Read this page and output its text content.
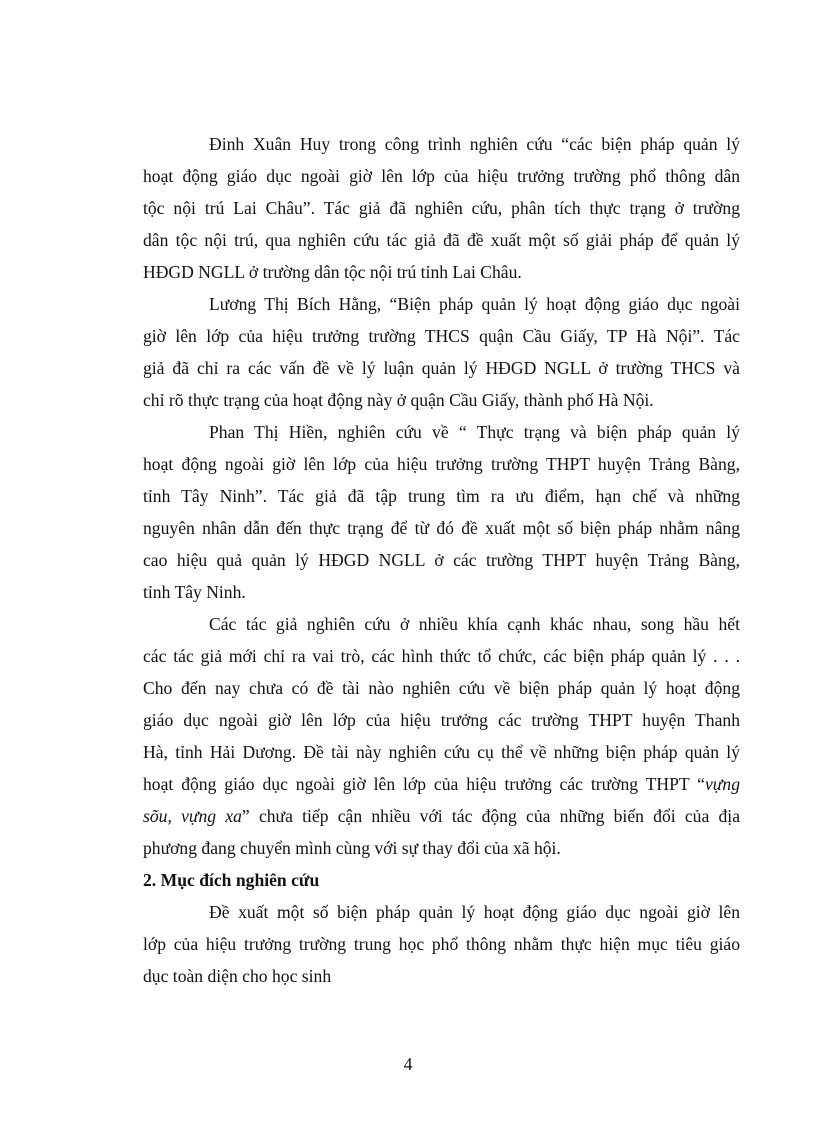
Đinh Xuân Huy trong công trình nghiên cứu “các biện pháp quản lý
hoạt động giáo dục ngoài giờ lên lớp của hiệu trưởng trường phổ thông dân
tộc nội trú Lai Châu”. Tác giả đã nghiên cứu, phân tích thực trạng ở trường
dân tộc nội trú, qua nghiên cứu tác giả đã đề xuất một số giải pháp để quản lý
HĐGD NGLL ở trường dân tộc nội trú tỉnh Lai Châu.
Lương Thị Bích Hằng, “Biện pháp quản lý hoạt động giáo dục ngoài
giờ lên lớp của hiệu trưởng trường THCS quận Cầu Giấy, TP Hà Nội”. Tác
giả đã chỉ ra các vấn đề về lý luận quản lý HĐGD NGLL ở trường THCS và
chỉ rõ thực trạng của hoạt động này ở quận Cầu Giấy, thành phố Hà Nội.
Phan Thị Hiền, nghiên cứu về “ Thực trạng và biện pháp quản lý
hoạt động ngoài giờ lên lớp của hiệu trưởng trường THPT huyện Trảng Bàng,
tỉnh Tây Ninh”. Tác giả đã tập trung tìm ra ưu điểm, hạn chế và những
nguyên nhân dẫn đến thực trạng để từ đó đề xuất một số biện pháp nhằm nâng
cao hiệu quả quản lý HĐGD NGLL ở các trường THPT huyện Trảng Bàng,
tỉnh Tây Ninh.
Các tác giả nghiên cứu ở nhiều khía cạnh khác nhau, song hầu hết
các tác giả mới chỉ ra vai trò, các hình thức tổ chức, các biện pháp quản lý . . .
Cho đến nay chưa có đề tài nào nghiên cứu về biện pháp quản lý hoạt động
giáo dục ngoài giờ lên lớp của hiệu trưởng các trường THPT huyện Thanh
Hà, tỉnh Hải Dương. Đề tài này nghiên cứu cụ thể về những biện pháp quản lý
hoạt động giáo dục ngoài giờ lên lớp của hiệu trưởng các trường THPT “vựng
sõu, vựng xa” chưa tiếp cận nhiều với tác động của những biến đổi của địa
phương đang chuyển mình cùng với sự thay đổi của xã hội.
2. Mục đích nghiên cứu
Đề xuất một số biện pháp quản lý hoạt động giáo dục ngoài giờ lên
lớp của hiệu trưởng trường trung học phổ thông nhằm thực hiện mục tiêu giáo
dục toàn diện cho học sinh
4
